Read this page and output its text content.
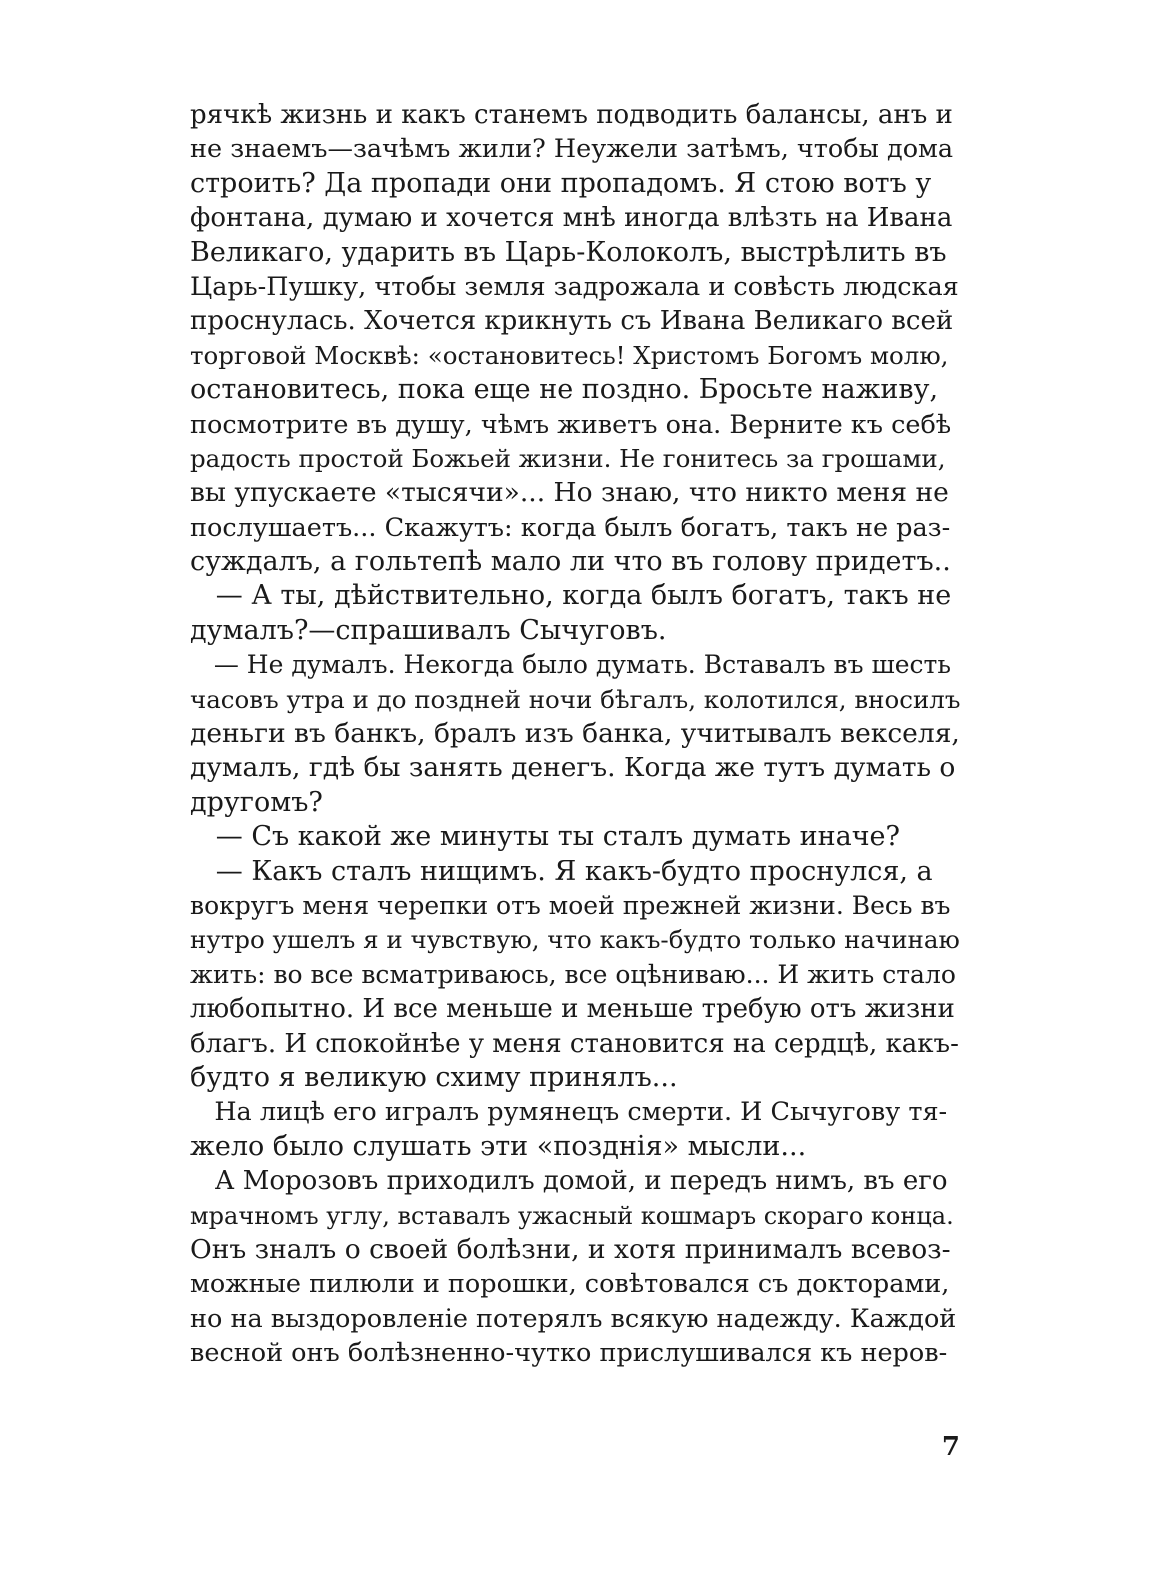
рячкѣ жизнь и какъ станемъ подводить балансы, анъ и
не знаемъ—зачѣмъ жили? Неужели затѣмъ, чтобы дома
строить? Да пропади они пропадомъ. Я стою вотъ у
фонтана, думаю и хочется мнѣ иногда влѣзть на Ивана
Великаго, ударить въ Царь-Колоколъ, выстрѣлить въ
Царь-Пушку, чтобы земля задрожала и совѣсть людская
проснулась. Хочется крикнуть съ Ивана Великаго всей
торговой Москвѣ: «остановитесь! Христомъ Богомъ молю,
остановитесь, пока еще не поздно. Бросьте наживу,
посмотрите въ душу, чѣмъ живетъ она. Верните къ себѣ
радость простой Божьей жизни. Не гонитесь за грошами,
вы упускаете «тысячи»... Но знаю, что никто меня не
послушаетъ... Скажутъ: когда былъ богатъ, такъ не раз-
суждалъ, а гольтепѣ мало ли что въ голову придетъ..
— А ты, дѣйствительно, когда былъ богатъ, такъ не
думалъ?—спрашивалъ Сычуговъ.
— Не думалъ. Некогда было думать. Вставалъ въ шесть
часовъ утра и до поздней ночи бѣгалъ, колотился, вносилъ
деньги въ банкъ, бралъ изъ банка, учитывалъ векселя,
думалъ, гдѣ бы занять денегъ. Когда же тутъ думать о
другомъ?
— Съ какой же минуты ты сталъ думать иначе?
— Какъ сталъ нищимъ. Я какъ-будто проснулся, а
вокругъ меня черепки отъ моей прежней жизни. Весь въ
нутро ушелъ я и чувствую, что какъ-будто только начинаю
жить: во все всматриваюсь, все оцѣниваю... И жить стало
любопытно. И все меньше и меньше требую отъ жизни
благъ. И спокойнѣе у меня становится на сердцѣ, какъ-
будто я великую схиму принялъ...
На лицѣ его игралъ румянецъ смерти. И Сычугову тя-
жело было слушать эти «позднія» мысли...
А Морозовъ приходилъ домой, и передъ нимъ, въ его
мрачномъ углу, вставалъ ужасный кошмаръ скораго конца.
Онъ зналъ о своей болѣзни, и хотя принималъ всевоз-
можные пилюли и порошки, совѣтовался съ докторами,
но на выздоровленіе потерялъ всякую надежду. Каждой
весной онъ болѣзненно-чутко прислушивался къ неров-
7
